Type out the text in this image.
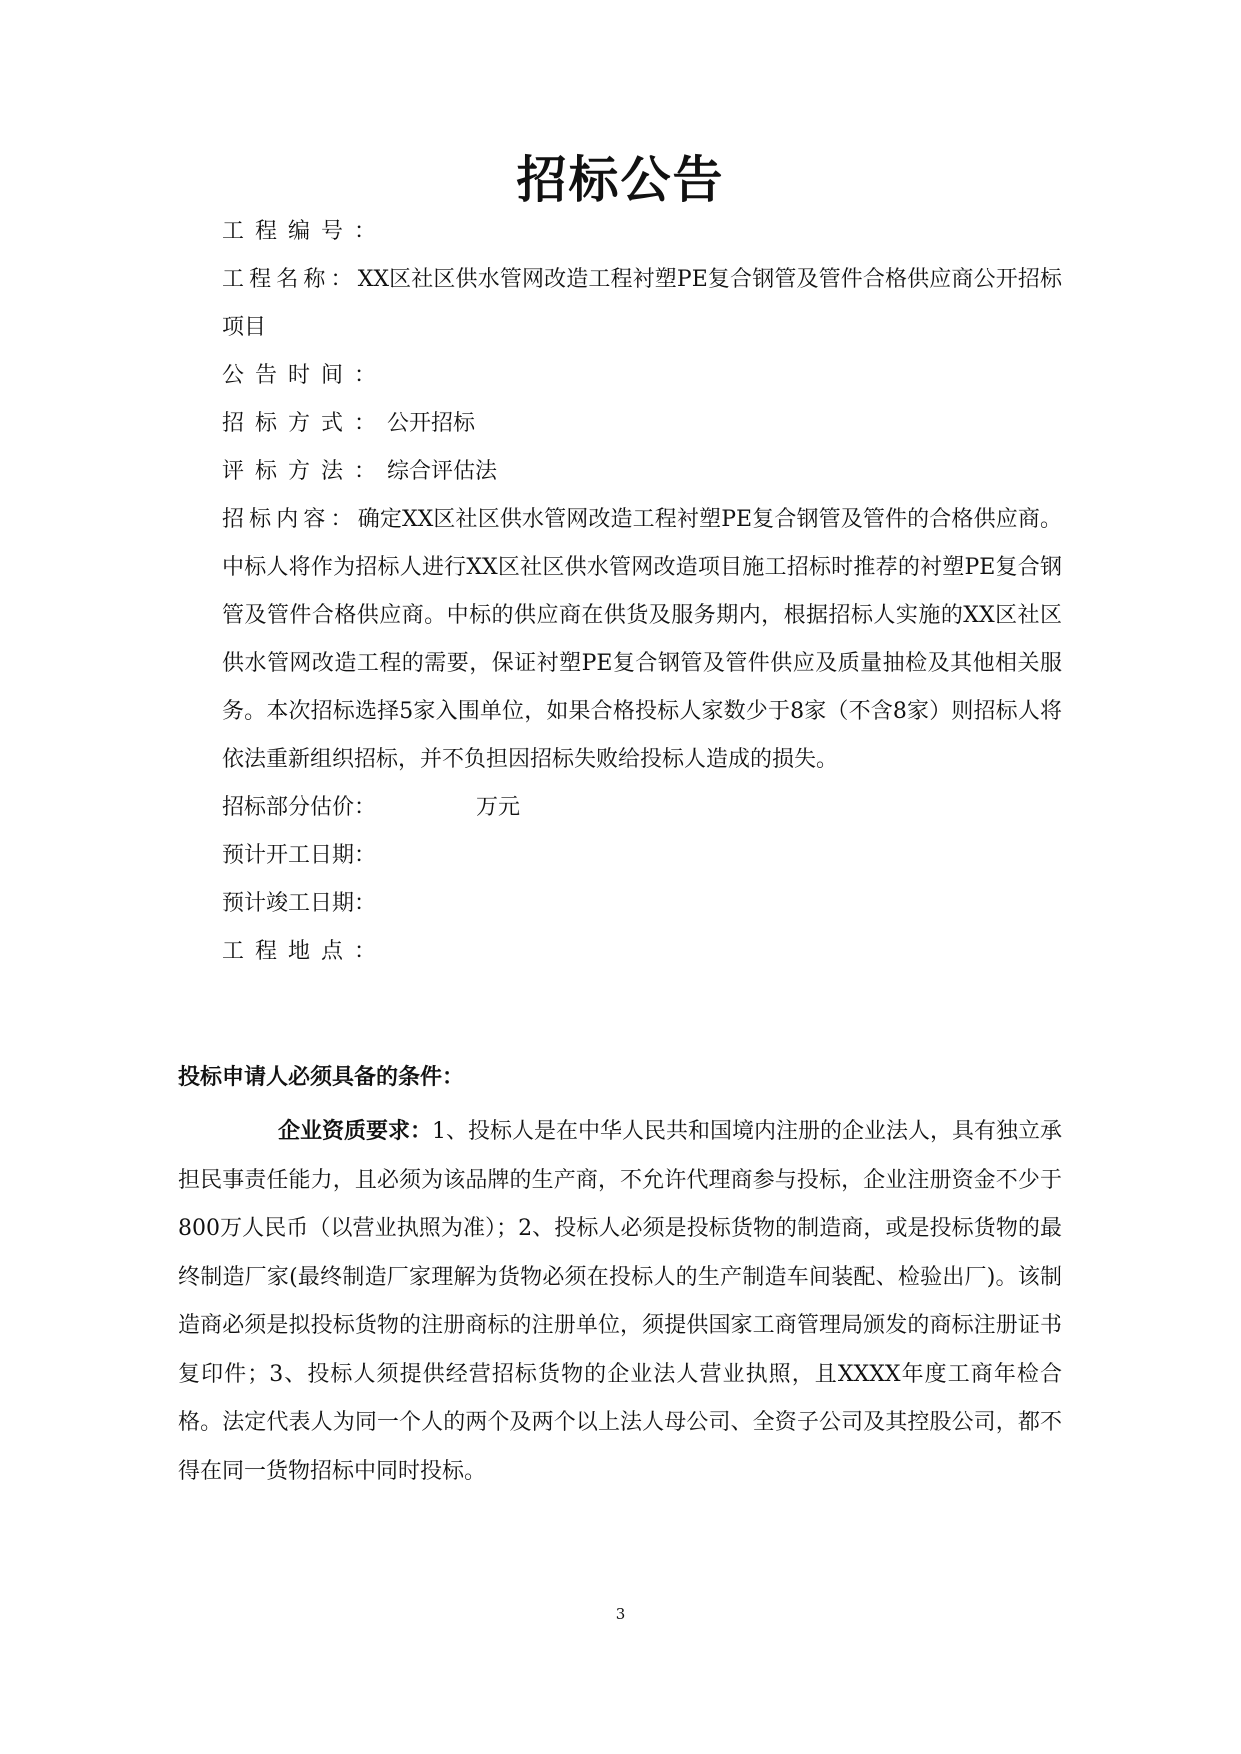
招标公告
工程编号：
工程名称：XX区社区供水管网改造工程衬塑PE复合钢管及管件合格供应商公开招标项目
公告时间：
招标方式：公开招标
评标方法：综合评估法
招标内容：确定XX区社区供水管网改造工程衬塑PE复合钢管及管件的合格供应商。中标人将作为招标人进行XX区社区供水管网改造项目施工招标时推荐的衬塑PE复合钢管及管件合格供应商。中标的供应商在供货及服务期内，根据招标人实施的XX区社区供水管网改造工程的需要，保证衬塑PE复合钢管及管件供应及质量抽检及其他相关服务。本次招标选择5家入围单位，如果合格投标人家数少于8家（不含8家）则招标人将依法重新组织招标，并不负担因招标失败给投标人造成的损失。
招标部分估价：	万元
预计开工日期：
预计竣工日期：
工程地点：
投标申请人必须具备的条件：
企业资质要求：1、投标人是在中华人民共和国境内注册的企业法人，具有独立承担民事责任能力，且必须为该品牌的生产商，不允许代理商参与投标，企业注册资金不少于800万人民币（以营业执照为准）；2、投标人必须是投标货物的制造商，或是投标货物的最终制造厂家(最终制造厂家理解为货物必须在投标人的生产制造车间装配、检验出厂)。该制造商必须是拟投标货物的注册商标的注册单位，须提供国家工商管理局颁发的商标注册证书复印件；3、投标人须提供经营招标货物的企业法人营业执照，且XXXX年度工商年检合格。法定代表人为同一个人的两个及两个以上法人母公司、全资子公司及其控股公司，都不得在同一货物招标中同时投标。
3
